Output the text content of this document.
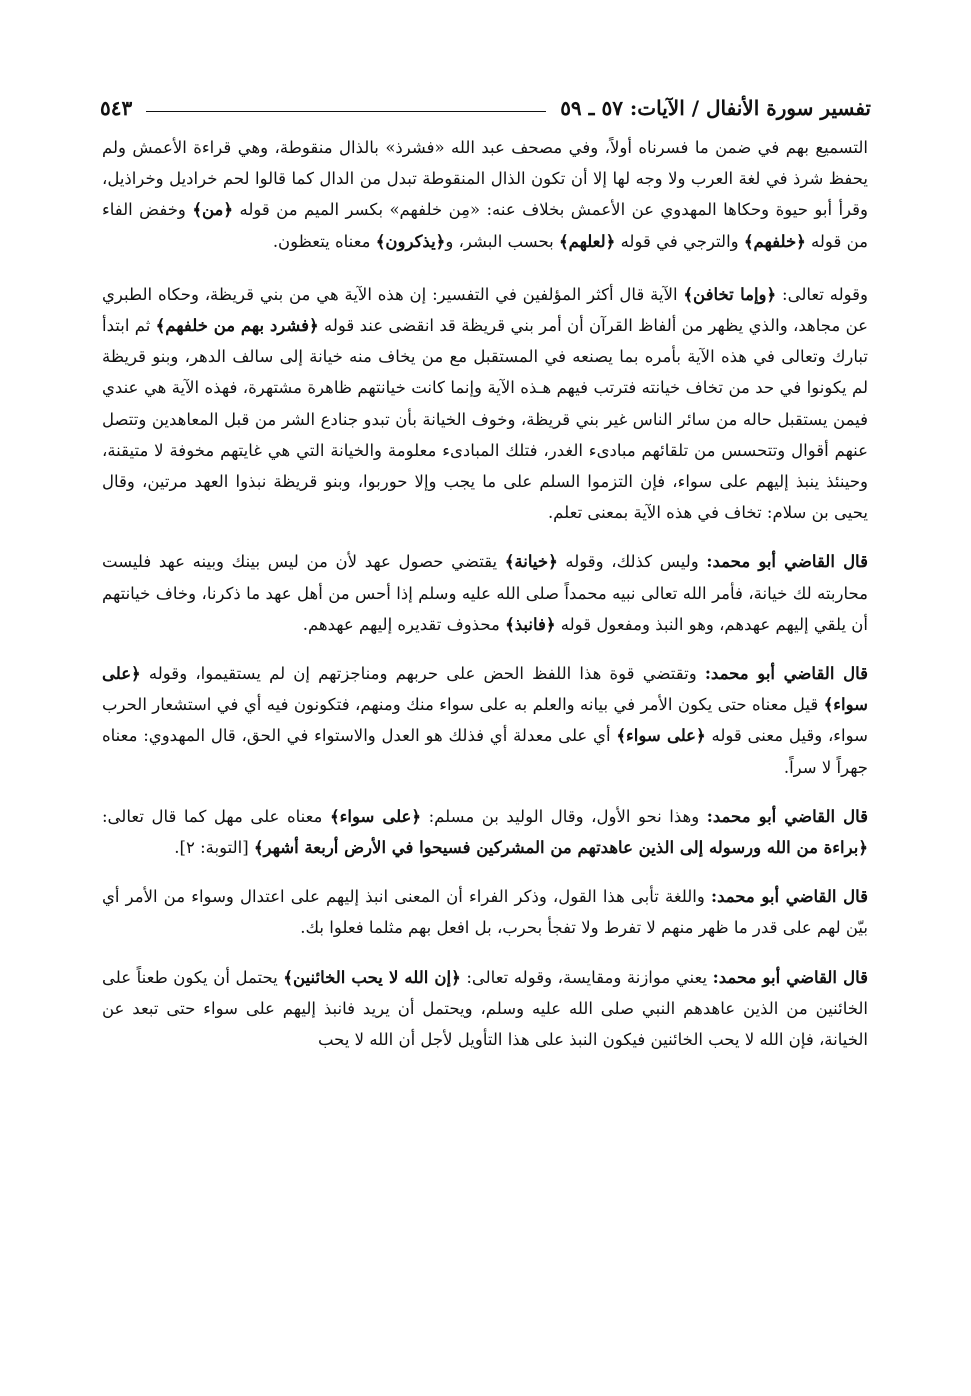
تفسير سورة الأنفال / الآيات: ٥٧ ـ ٥٩
٥٤٣

التسميع بهم في ضمن ما فسرناه أولاً، وفي مصحف عبد الله «فشرذ» بالذال منقوطة، وهي قراءة الأعمش ولم يحفظ شرذ في لغة العرب ولا وجه لها إلا أن تكون الذال المنقوطة تبدل من الدال كما قالوا لحم خراديل وخراذيل، وقرأ أبو حيوة وحكاها المهدوي عن الأعمش بخلاف عنه: «مِن خلفهم» بكسر الميم من قوله ﴿من﴾ وخفض الفاء من قوله ﴿خلفهم﴾ والترجي في قوله ﴿لعلهم﴾ بحسب البشر، و﴿يذكرون﴾ معناه يتعظون.

وقوله تعالى: ﴿وإما تخافن﴾ الآية قال أكثر المؤلفين في التفسير: إن هذه الآية هي من بني قريظة، وحكاه الطبري عن مجاهد، والذي يظهر من ألفاظ القرآن أن أمر بني قريظة قد انقضى عند قوله ﴿فشرد بهم من خلفهم﴾ ثم ابتدأ تبارك وتعالى في هذه الآية بأمره بما يصنعه في المستقبل مع من يخاف منه خيانة إلى سالف الدهر، وبنو قريظة لم يكونوا في حد من تخاف خيانته فترتب فيهم هـذه الآية وإنما كانت خيانتهم ظاهرة مشتهرة، فهذه الآية هي عندي فيمن يستقبل حاله من سائر الناس غير بني قريظة، وخوف الخيانة بأن تبدو جنادع الشر من قبل المعاهدين وتتصل عنهم أقوال وتتحسس من تلقائهم مبادىء الغدر، فتلك المبادىء معلومة والخيانة التي هي غايتهم مخوفة لا متيقنة، وحينئذ ينبذ إليهم على سواء، فإن التزموا السلم على ما يجب وإلا حوربوا، وبنو قريظة نبذوا العهد مرتين، وقال يحيى بن سلام: تخاف في هذه الآية بمعنى تعلم.

قال القاضي أبو محمد: وليس كذلك، وقوله ﴿خيانة﴾ يقتضي حصول عهد لأن من ليس بينك وبينه عهد فليست محاربته لك خيانة، فأمر الله تعالى نبيه محمداً صلى الله عليه وسلم إذا أحس من أهل عهد ما ذكرنا، وخاف خيانتهم أن يلقي إليهم عهدهم، وهو النبذ ومفعول قوله ﴿فانبذ﴾ محذوف تقديره إليهم عهدهم.

قال القاضي أبو محمد: وتقتضي قوة هذا اللفظ الحض على حربهم ومناجزتهم إن لم يستقيموا، وقوله ﴿على سواء﴾ قيل معناه حتى يكون الأمر في بيانه والعلم به على سواء منك ومنهم، فتكونون فيه أي في استشعار الحرب سواء، وقيل معنى قوله ﴿على سواء﴾ أي على معدلة أي فذلك هو العدل والاستواء في الحق، قال المهدوي: معناه جهراً لا سراً.

قال القاضي أبو محمد: وهذا نحو الأول، وقال الوليد بن مسلم: ﴿على سواء﴾ معناه على مهل كما قال تعالى: ﴿براءة من الله ورسوله إلى الذين عاهدتهم من المشركين فسيحوا في الأرض أربعة أشهر﴾ [التوبة: ٢].

قال القاضي أبو محمد: واللغة تأبى هذا القول، وذكر الفراء أن المعنى انبذ إليهم على اعتدال وسواء من الأمر أي بيّن لهم على قدر ما ظهر منهم لا تفرط ولا تفجأ بحرب، بل افعل بهم مثلما فعلوا بك.

قال القاضي أبو محمد: يعني موازنة ومقايسة، وقوله تعالى: ﴿إن الله لا يحب الخائنين﴾ يحتمل أن يكون طعناً على الخائنين من الذين عاهدهم النبي صلى الله عليه وسلم، ويحتمل أن يريد فانبذ إليهم على سواء حتى تبعد عن الخيانة، فإن الله لا يحب الخائنين فيكون النبذ على هذا التأويل لأجل أن الله لا يحب
